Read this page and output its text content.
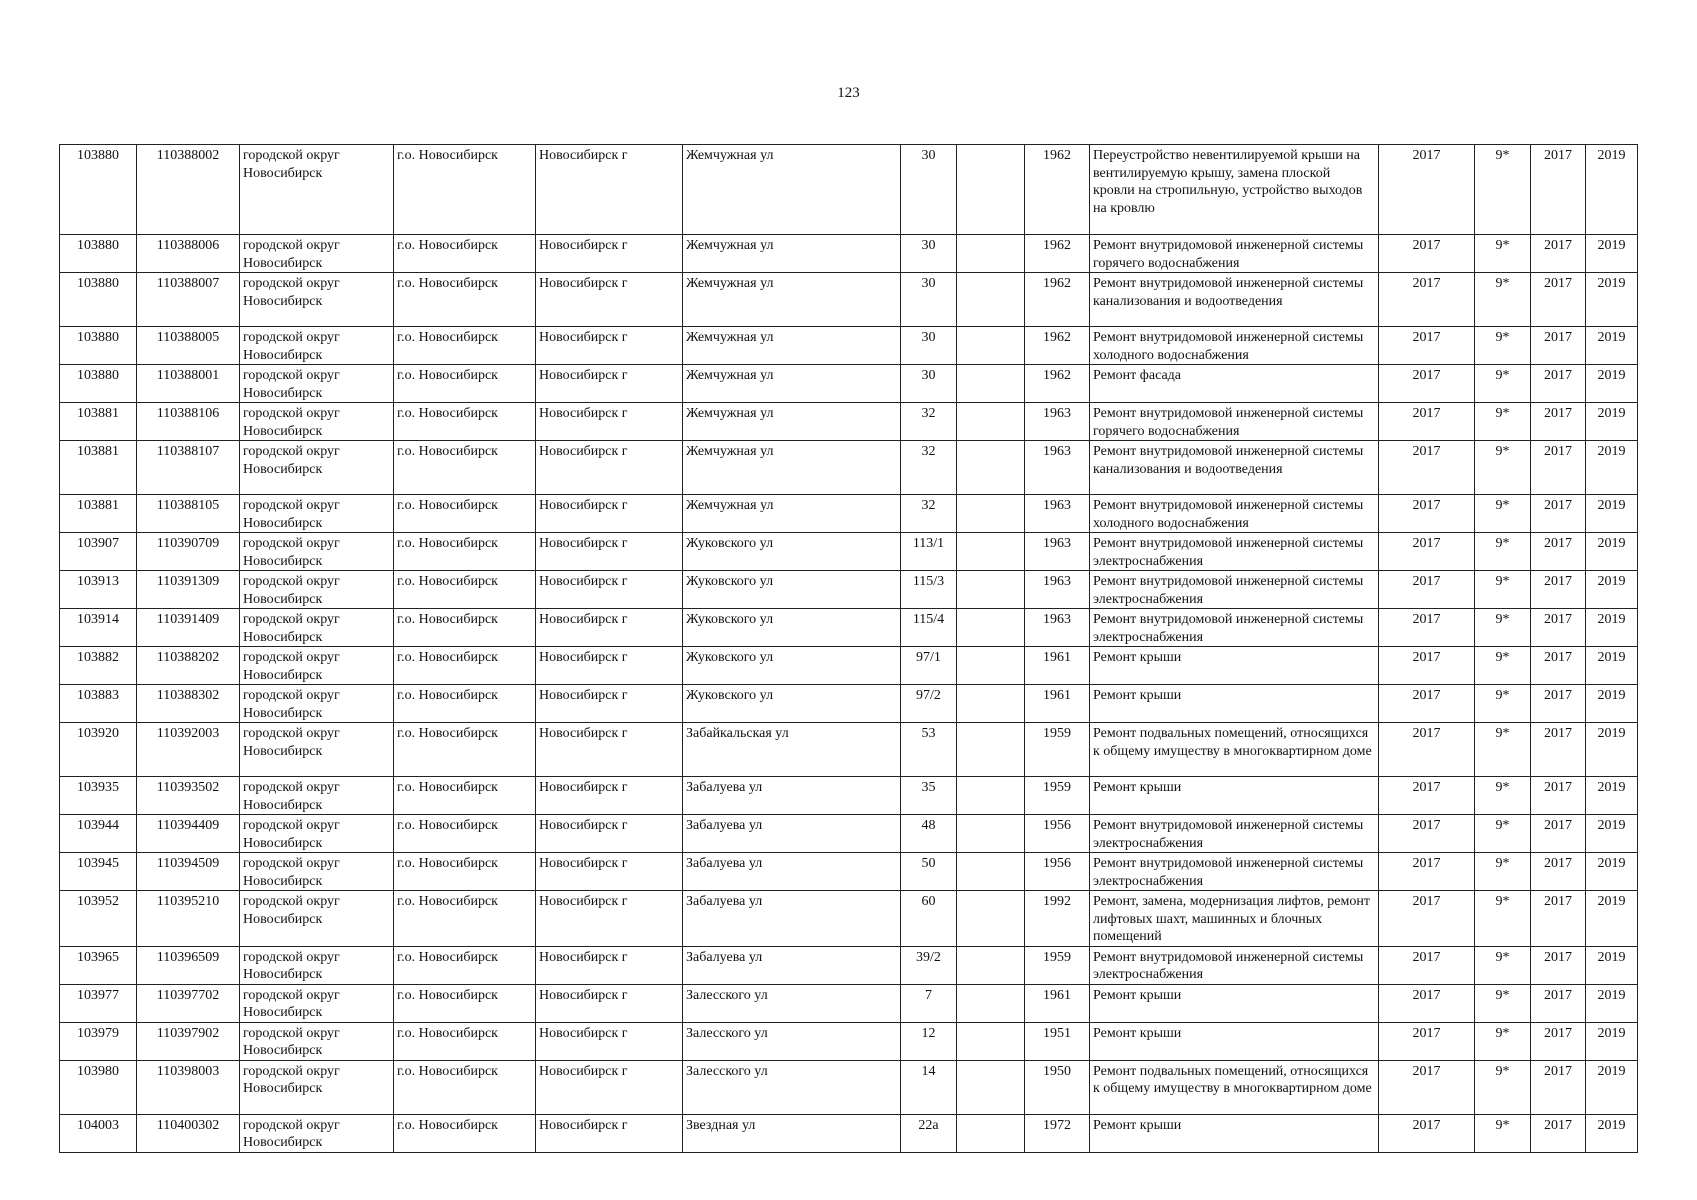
123
103880	110388002	городской округ Новосибирск	г.о. Новосибирск	Новосибирск г	Жемчужная ул	30		1962	Переустройство невентилируемой крыши на вентилируемую крышу, замена плоской кровли на стропильную, устройство выходов на кровлю	2017	9*	2017	2019
103880	110388006	городской округ Новосибирск	г.о. Новосибирск	Новосибирск г	Жемчужная ул	30		1962	Ремонт внутридомовой инженерной системы горячего водоснабжения	2017	9*	2017	2019
103880	110388007	городской округ Новосибирск	г.о. Новосибирск	Новосибирск г	Жемчужная ул	30		1962	Ремонт внутридомовой инженерной системы канализования и водоотведения	2017	9*	2017	2019
103880	110388005	городской округ Новосибирск	г.о. Новосибирск	Новосибирск г	Жемчужная ул	30		1962	Ремонт внутридомовой инженерной системы холодного водоснабжения	2017	9*	2017	2019
103880	110388001	городской округ Новосибирск	г.о. Новосибирск	Новосибирск г	Жемчужная ул	30		1962	Ремонт фасада	2017	9*	2017	2019
103881	110388106	городской округ Новосибирск	г.о. Новосибирск	Новосибирск г	Жемчужная ул	32		1963	Ремонт внутридомовой инженерной системы горячего водоснабжения	2017	9*	2017	2019
103881	110388107	городской округ Новосибирск	г.о. Новосибирск	Новосибирск г	Жемчужная ул	32		1963	Ремонт внутридомовой инженерной системы канализования и водоотведения	2017	9*	2017	2019
103881	110388105	городской округ Новосибирск	г.о. Новосибирск	Новосибирск г	Жемчужная ул	32		1963	Ремонт внутридомовой инженерной системы холодного водоснабжения	2017	9*	2017	2019
103907	110390709	городской округ Новосибирск	г.о. Новосибирск	Новосибирск г	Жуковского ул	113/1		1963	Ремонт внутридомовой инженерной системы электроснабжения	2017	9*	2017	2019
103913	110391309	городской округ Новосибирск	г.о. Новосибирск	Новосибирск г	Жуковского ул	115/3		1963	Ремонт внутридомовой инженерной системы электроснабжения	2017	9*	2017	2019
103914	110391409	городской округ Новосибирск	г.о. Новосибирск	Новосибирск г	Жуковского ул	115/4		1963	Ремонт внутридомовой инженерной системы электроснабжения	2017	9*	2017	2019
103882	110388202	городской округ Новосибирск	г.о. Новосибирск	Новосибирск г	Жуковского ул	97/1		1961	Ремонт крыши	2017	9*	2017	2019
103883	110388302	городской округ Новосибирск	г.о. Новосибирск	Новосибирск г	Жуковского ул	97/2		1961	Ремонт крыши	2017	9*	2017	2019
103920	110392003	городской округ Новосибирск	г.о. Новосибирск	Новосибирск г	Забайкальская ул	53		1959	Ремонт подвальных помещений, относящихся к общему имуществу в многоквартирном доме	2017	9*	2017	2019
103935	110393502	городской округ Новосибирск	г.о. Новосибирск	Новосибирск г	Забалуева ул	35		1959	Ремонт крыши	2017	9*	2017	2019
103944	110394409	городской округ Новосибирск	г.о. Новосибирск	Новосибирск г	Забалуева ул	48		1956	Ремонт внутридомовой инженерной системы электроснабжения	2017	9*	2017	2019
103945	110394509	городской округ Новосибирск	г.о. Новосибирск	Новосибирск г	Забалуева ул	50		1956	Ремонт внутридомовой инженерной системы электроснабжения	2017	9*	2017	2019
103952	110395210	городской округ Новосибирск	г.о. Новосибирск	Новосибирск г	Забалуева ул	60		1992	Ремонт, замена, модернизация лифтов, ремонт лифтовых шахт, машинных и блочных помещений	2017	9*	2017	2019
103965	110396509	городской округ Новосибирск	г.о. Новосибирск	Новосибирск г	Забалуева ул	39/2		1959	Ремонт внутридомовой инженерной системы электроснабжения	2017	9*	2017	2019
103977	110397702	городской округ Новосибирск	г.о. Новосибирск	Новосибирск г	Залесского ул	7		1961	Ремонт крыши	2017	9*	2017	2019
103979	110397902	городской округ Новосибирск	г.о. Новосибирск	Новосибирск г	Залесского ул	12		1951	Ремонт крыши	2017	9*	2017	2019
103980	110398003	городской округ Новосибирск	г.о. Новосибирск	Новосибирск г	Залесского ул	14		1950	Ремонт подвальных помещений, относящихся к общему имуществу в многоквартирном доме	2017	9*	2017	2019
104003	110400302	городской округ Новосибирск	г.о. Новосибирск	Новосибирск г	Звездная ул	22а		1972	Ремонт крыши	2017	9*	2017	2019
